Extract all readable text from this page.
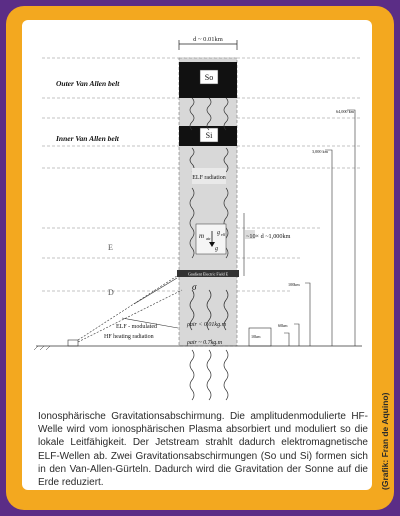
d ~ 0.01km
So
Si
Outer Van Allen belt
Inner Van Allen belt
ELF radiation
m air
g eff
g
~10× d ~1,000km
E
D
Gradient Electric Field E
σ
64,000 km
3,000 km
100km
60km
10km
ρair < 0.01kg.m
ρair ~ 0.7kg.m
ELF - modulated
HF heating radiation
Ionosphärische Gravitationsabschirmung. Die amplitudenmodulierte HF-Welle wird vom ionosphärischen Plasma absorbiert und moduliert so die lokale Leitfähigkeit. Der Jetstream strahlt dadurch elektromagnetische ELF-Wellen ab. Zwei Gravitationsabschirmungen (So und Si) formen sich in den Van-Allen-Gürteln. Dadurch wird die Gravitation der Sonne auf die Erde reduziert.	(Grafik: Fran de Aquino)
